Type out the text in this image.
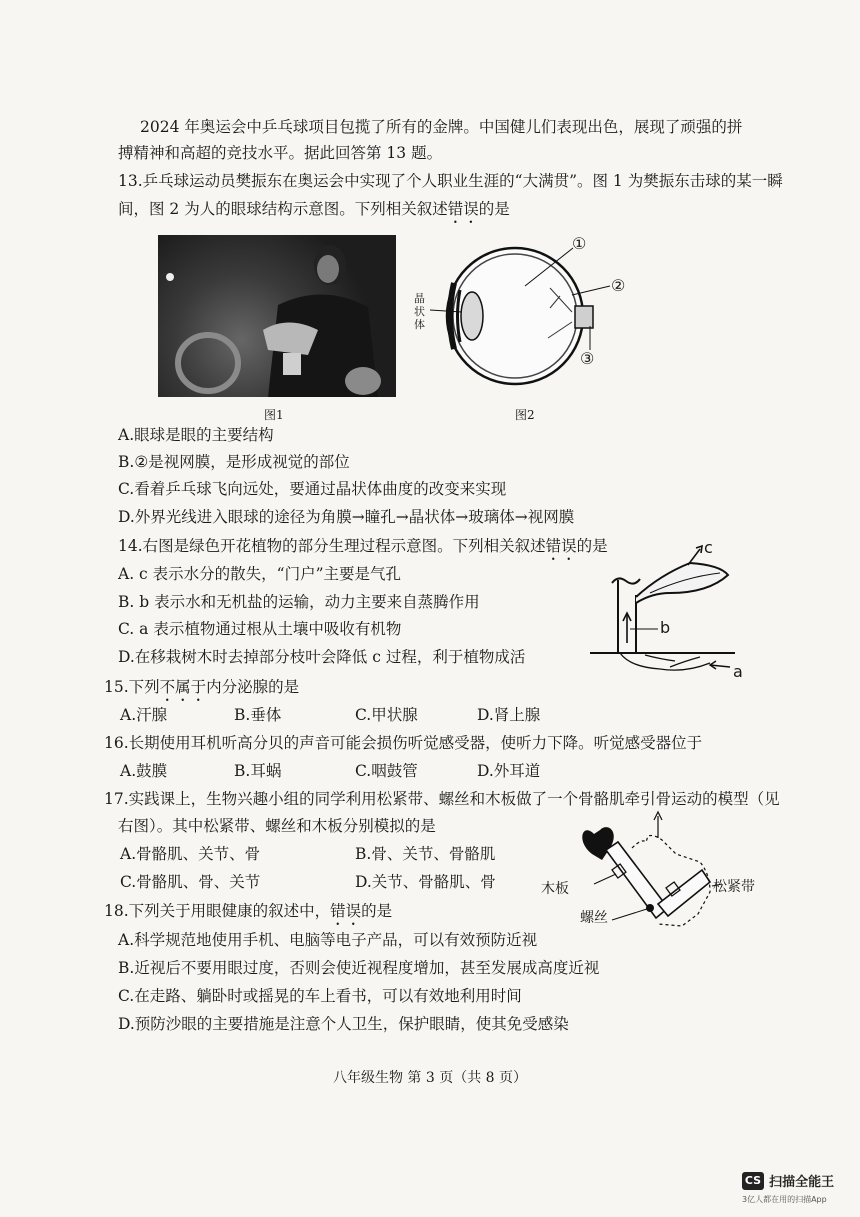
2024 年奥运会中乒乓球项目包揽了所有的金牌。中国健儿们表现出色，展现了顽强的拼
搏精神和高超的竞技水平。据此回答第 13 题。
13.乒乓球运动员樊振东在奥运会中实现了个人职业生涯的“大满贯”。图 1 为樊振东击球的某一瞬
间，图 2 为人的眼球结构示意图。下列相关叙述错误的是
图1
晶
状
体
①
②
③
图2
A.眼球是眼的主要结构
B.②是视网膜，是形成视觉的部位
C.看着乒乓球飞向远处，要通过晶状体曲度的改变来实现
D.外界光线进入眼球的途径为角膜→瞳孔→晶状体→玻璃体→视网膜
14.右图是绿色开花植物的部分生理过程示意图。下列相关叙述错误的是
A. c 表示水分的散失，“门户”主要是气孔
B. b 表示水和无机盐的运输，动力主要来自蒸腾作用
C. a 表示植物通过根从土壤中吸收有机物
D.在移栽树木时去掉部分枝叶会降低 c 过程，利于植物成活
c
b
a
15.下列不属于内分泌腺的是
A.汗腺	B.垂体	C.甲状腺	D.肾上腺
16.长期使用耳机听高分贝的声音可能会损伤听觉感受器，使听力下降。听觉感受器位于
A.鼓膜	B.耳蜗	C.咽鼓管	D.外耳道
17.实践课上，生物兴趣小组的同学利用松紧带、螺丝和木板做了一个骨骼肌牵引骨运动的模型（见
右图）。其中松紧带、螺丝和木板分别模拟的是
A.骨骼肌、关节、骨	B.骨、关节、骨骼肌
C.骨骼肌、骨、关节	D.关节、骨骼肌、骨	木板
螺丝
松紧带
18.下列关于用眼健康的叙述中，错误的是
A.科学规范地使用手机、电脑等电子产品，可以有效预防近视
B.近视后不要用眼过度，否则会使近视程度增加，甚至发展成高度近视
C.在走路、躺卧时或摇晃的车上看书，可以有效地利用时间
D.预防沙眼的主要措施是注意个人卫生，保护眼睛，使其免受感染
八年级生物 第 3 页（共 8 页）
CS 扫描全能王
3亿人都在用的扫描App
